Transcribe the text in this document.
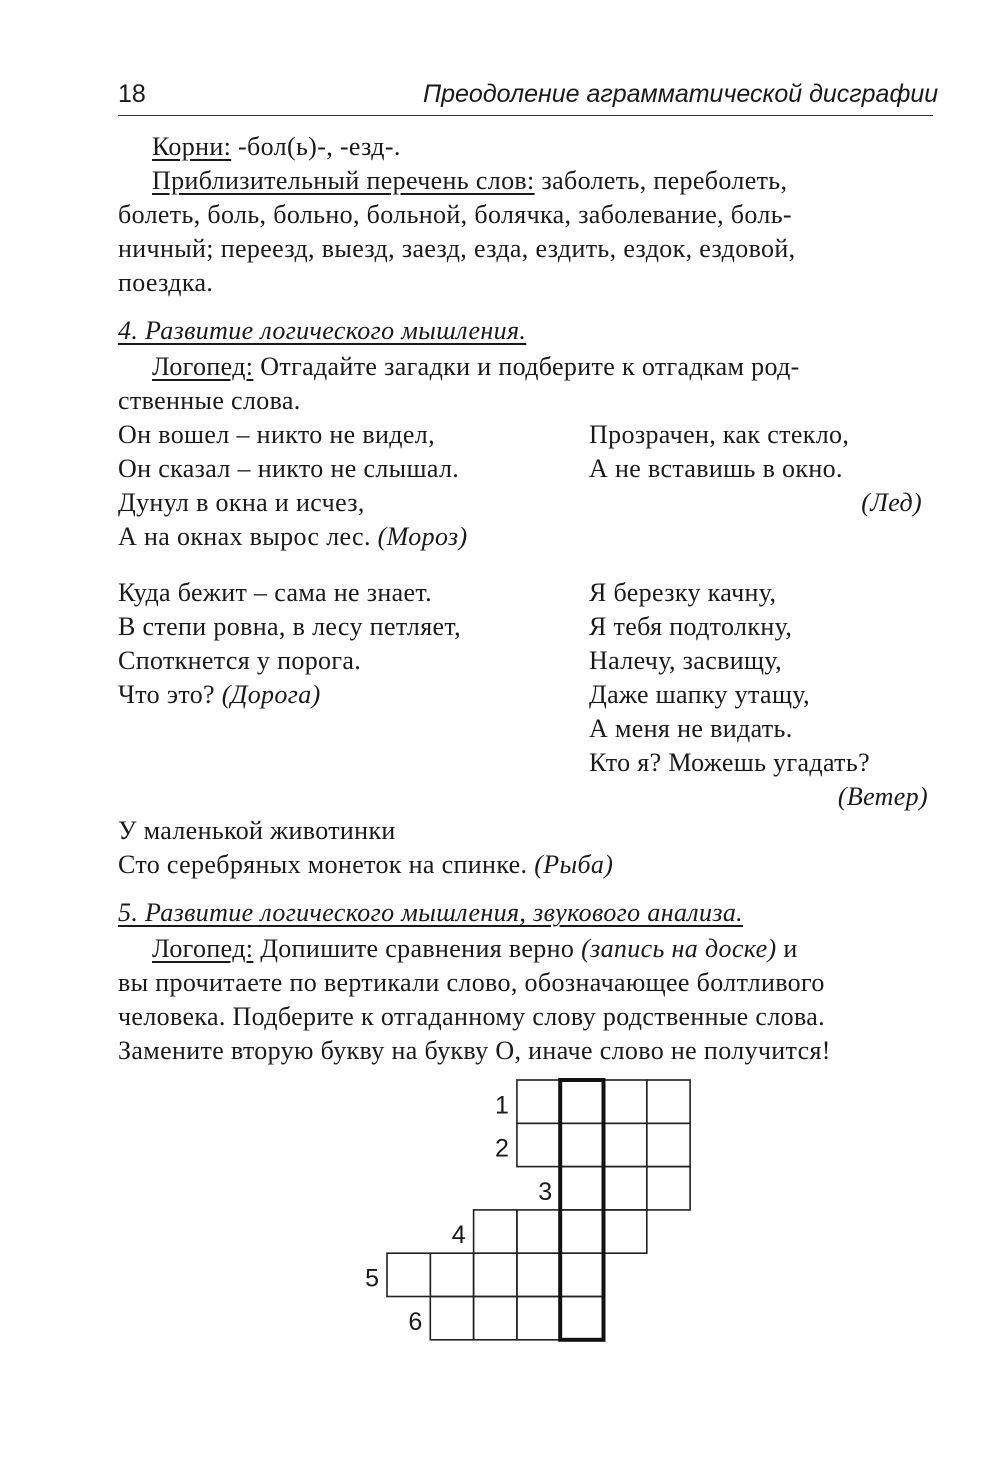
18	Преодоление аграмматической дисграфии
Корни: -бол(ь)-, -езд-.
Приблизительный перечень слов: заболеть, переболеть,
болеть, боль, больно, больной, болячка, заболевание, боль-
ничный; переезд, выезд, заезд, езда, ездить, ездок, ездовой,
поездка.
4. Развитие логического мышления.
Логопед: Отгадайте загадки и подберите к отгадкам род-
ственные слова.
Он вошел – никто не видел,
Он сказал – никто не слышал.
Дунул в окна и исчез,
А на окнах вырос лес. (Мороз)
Прозрачен, как стекло,
А не вставишь в окно.
(Лед)
Куда бежит – сама не знает.
В степи ровна, в лесу петляет,
Споткнется у порога.
Что это? (Дорога)
Я березку качну,
Я тебя подтолкну,
Налечу, засвищу,
Даже шапку утащу,
А меня не видать.
Кто я? Можешь угадать?
(Ветер)
У маленькой животинки
Сто серебряных монеток на спинке. (Рыба)
5. Развитие логического мышления, звукового анализа.
Логопед: Допишите сравнения верно (запись на доске) и
вы прочитаете по вертикали слово, обозначающее болтливого
человека. Подберите к отгаданному слову родственные слова.
Замените вторую букву на букву О, иначе слово не получится!
1
2
3
4
5
6
